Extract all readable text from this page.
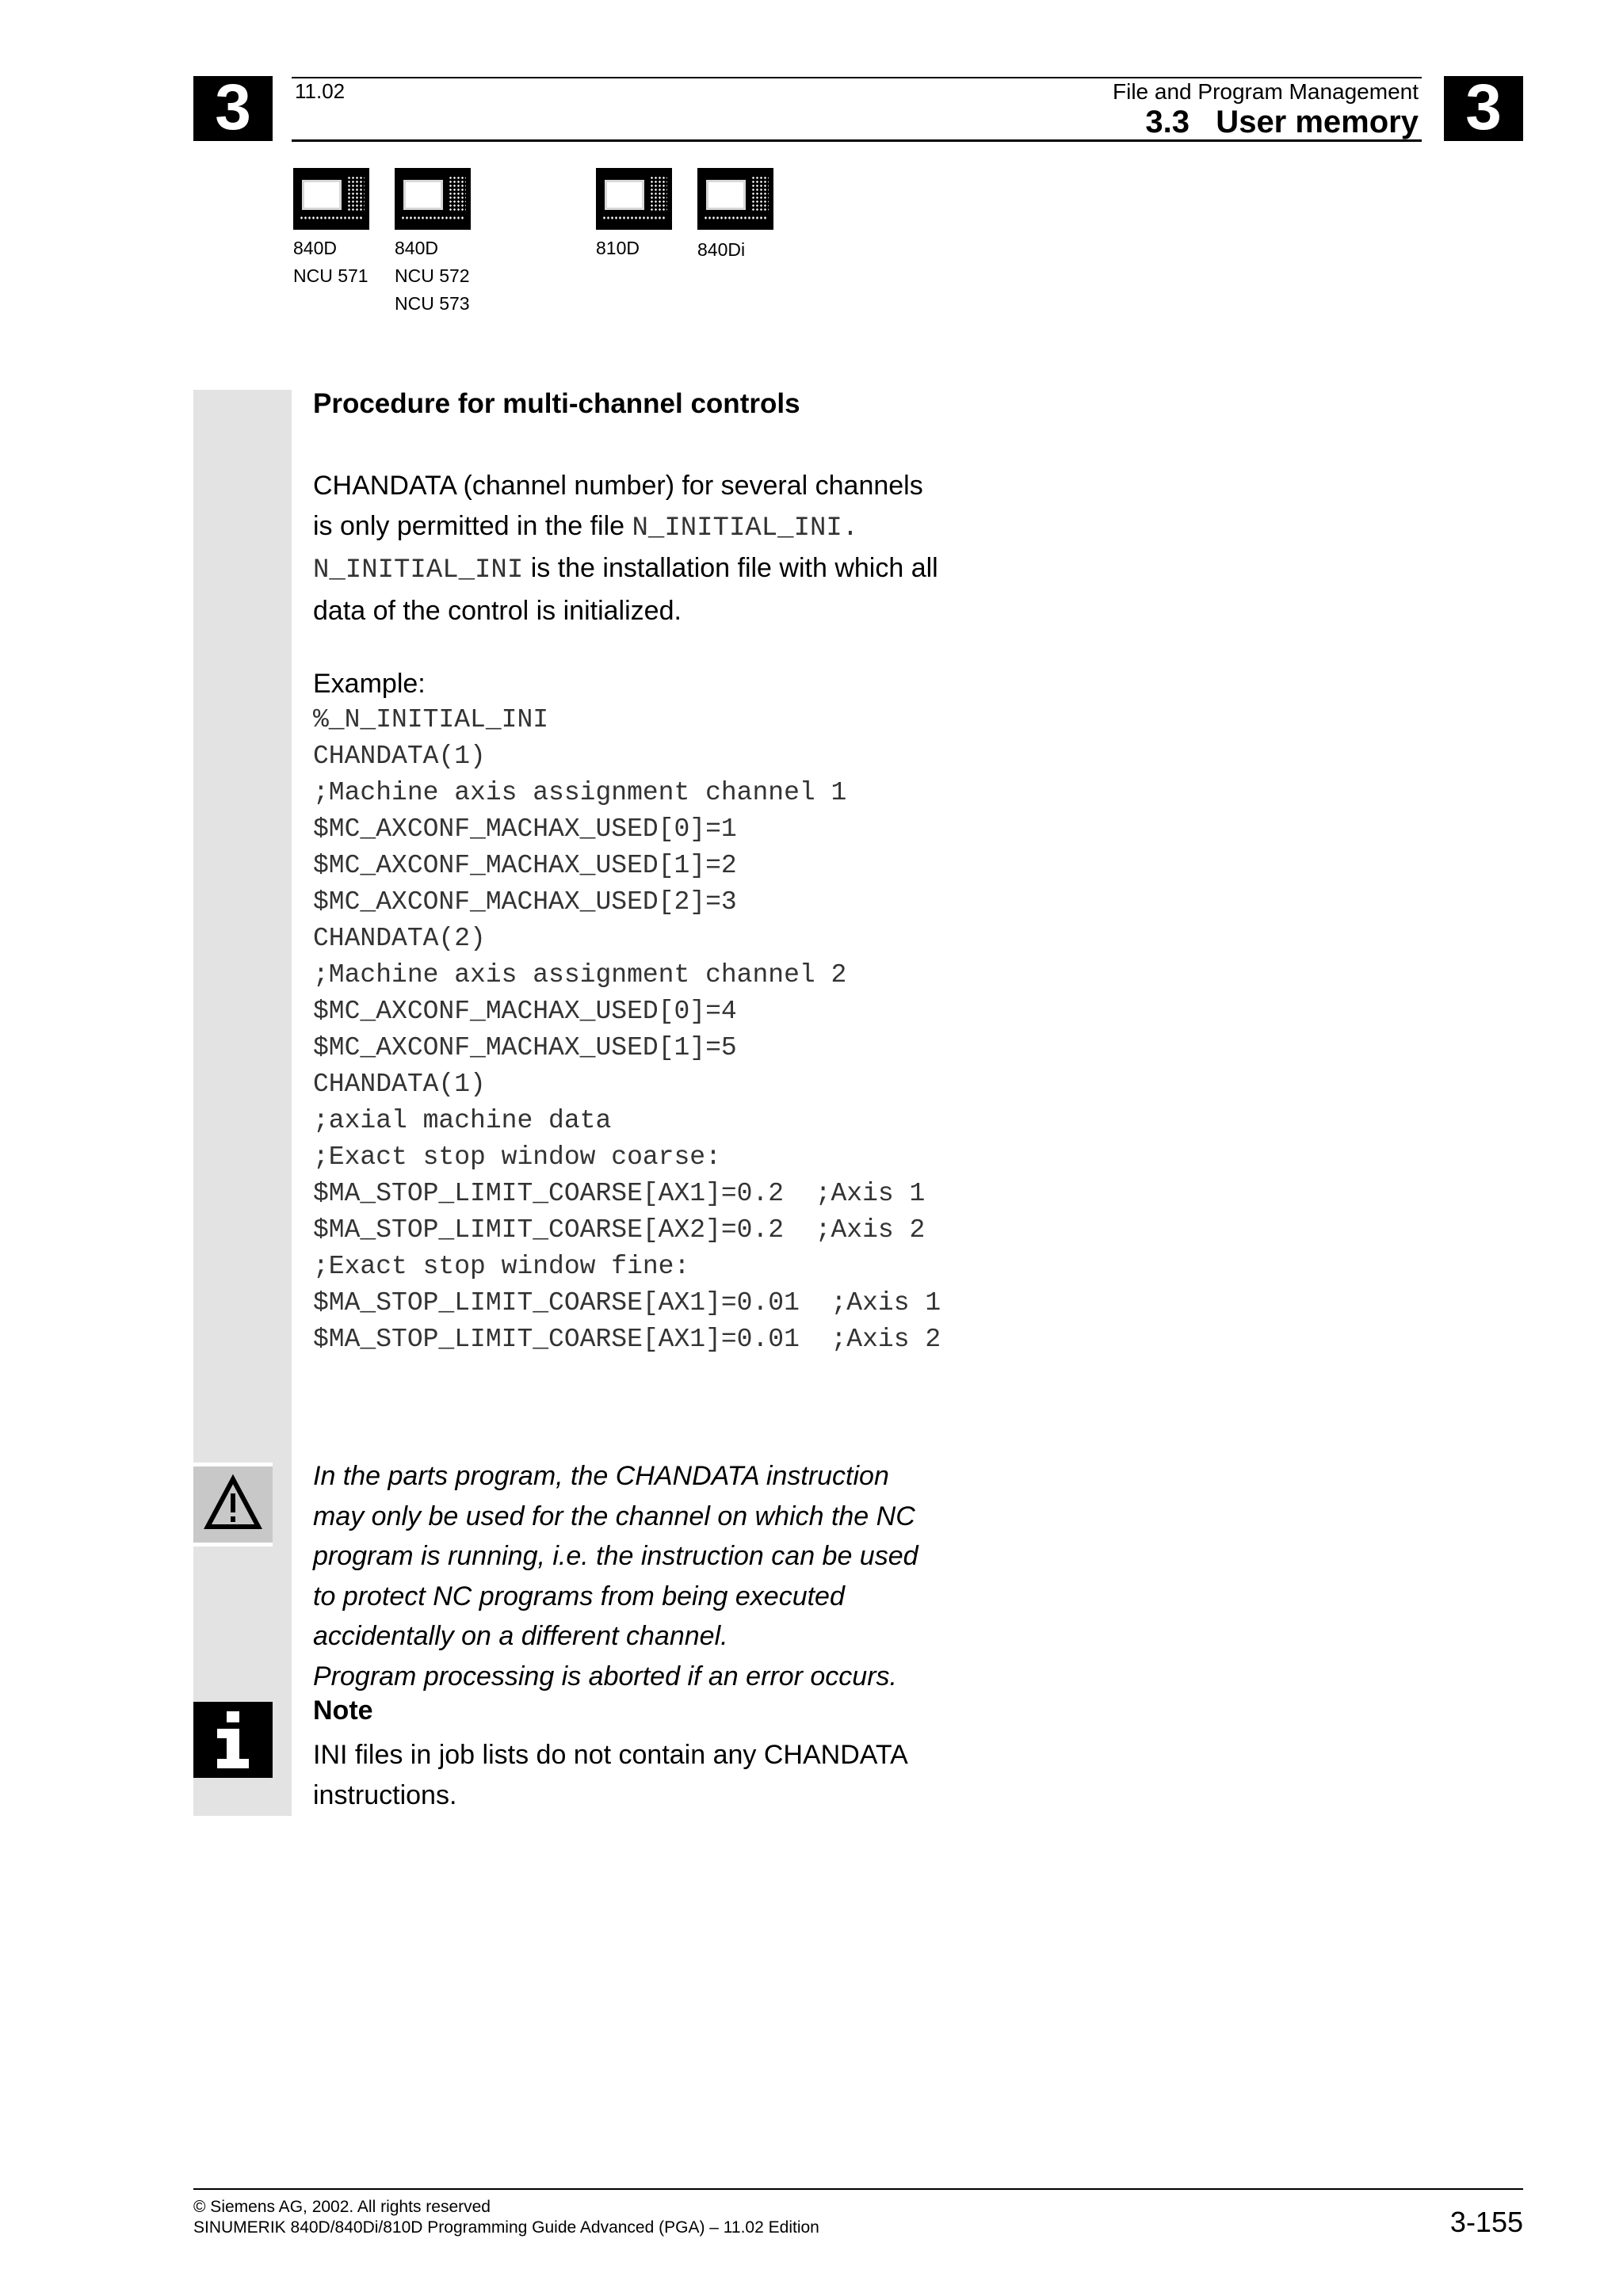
3	3
11.02	File and Program Management
3.3   User memory
840D
NCU 571
840D
NCU 572
NCU 573
810D	840Di
Procedure for multi-channel controls
CHANDATA (channel number) for several channels
is only permitted in the file N_INITIAL_INI.
N_INITIAL_INI is the installation file with which all
data of the control is initialized.
Example:
%_N_INITIAL_INI
CHANDATA(1)
;Machine axis assignment channel 1
$MC_AXCONF_MACHAX_USED[0]=1
$MC_AXCONF_MACHAX_USED[1]=2
$MC_AXCONF_MACHAX_USED[2]=3
CHANDATA(2)
;Machine axis assignment channel 2
$MC_AXCONF_MACHAX_USED[0]=4
$MC_AXCONF_MACHAX_USED[1]=5
CHANDATA(1)
;axial machine data
;Exact stop window coarse:
$MA_STOP_LIMIT_COARSE[AX1]=0.2  ;Axis 1
$MA_STOP_LIMIT_COARSE[AX2]=0.2  ;Axis 2
;Exact stop window fine:
$MA_STOP_LIMIT_COARSE[AX1]=0.01  ;Axis 1
$MA_STOP_LIMIT_COARSE[AX1]=0.01  ;Axis 2
In the parts program, the CHANDATA instruction
may only be used for the channel on which the NC
program is running, i.e. the instruction can be used
to protect NC programs from being executed
accidentally on a different channel.
Program processing is aborted if an error occurs.
Note
INI files in job lists do not contain any CHANDATA
instructions.
© Siemens AG, 2002. All rights reserved
SINUMERIK 840D/840Di/810D Programming Guide Advanced (PGA) – 11.02 Edition	3-155
